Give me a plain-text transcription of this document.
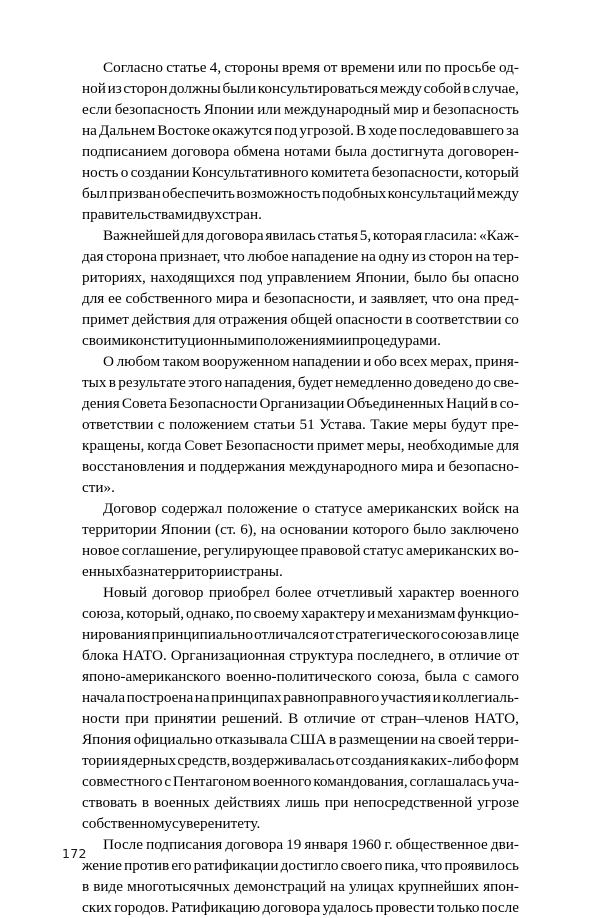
Согласно статье 4, стороны время от времени или по просьбе од-
ной из сторон должны были консультироваться между собой в случае,
если безопасность Японии или международный мир и безопасность
на Дальнем Востоке окажутся под угрозой. В ходе последовавшего за
подписанием договора обмена нотами была достигнута договорен-
ность о создании Консультативного комитета безопасности, который
был призван обеспечить возможность подобных консультаций между
правительствами двух стран.
Важнейшей для договора явилась статья 5, которая гласила: «Каж-
дая сторона признает, что любое нападение на одну из сторон на тер-
риториях, находящихся под управлением Японии, было бы опасно
для ее собственного мира и безопасности, и заявляет, что она пред-
примет действия для отражения общей опасности в соответствии со
своими конституционными положениями и процедурами.
О любом таком вооруженном нападении и обо всех мерах, приня-
тых в результате этого нападения, будет немедленно доведено до све-
дения Совета Безопасности Организации Объединенных Наций в со-
ответствии с положением статьи 51 Устава. Такие меры будут пре-
кращены, когда Совет Безопасности примет меры, необходимые для
восстановления и поддержания международного мира и безопасно-
сти».
Договор содержал положение о статусе американских войск на
территории Японии (ст. 6), на основании которого было заключено
новое соглашение, регулирующее правовой статус американских во-
енных баз на территории страны.
Новый договор приобрел более отчетливый характер военного
союза, который, однако, по своему характеру и механизмам функцио-
нирования принципиально отличался от стратегического союза в лице
блока НАТО. Организационная структура последнего, в отличие от
японо-американского военно-политического союза, была с самого
начала построена на принципах равноправного участия и коллегиаль-
ности при принятии решений. В отличие от стран–членов НАТО,
Япония официально отказывала США в размещении на своей терри-
тории ядерных средств, воздерживалась от создания каких-либо форм
совместного с Пентагоном военного командования, соглашалась уча-
ствовать в военных действиях лишь при непосредственной угрозе
собственному суверенитету.
После подписания договора 19 января 1960 г. общественное дви-
жение против его ратификации достигло своего пика, что проявилось
в виде многотысячных демонстраций на улицах крупнейших япон-
ских городов. Ратификацию договора удалось провести только после
172
